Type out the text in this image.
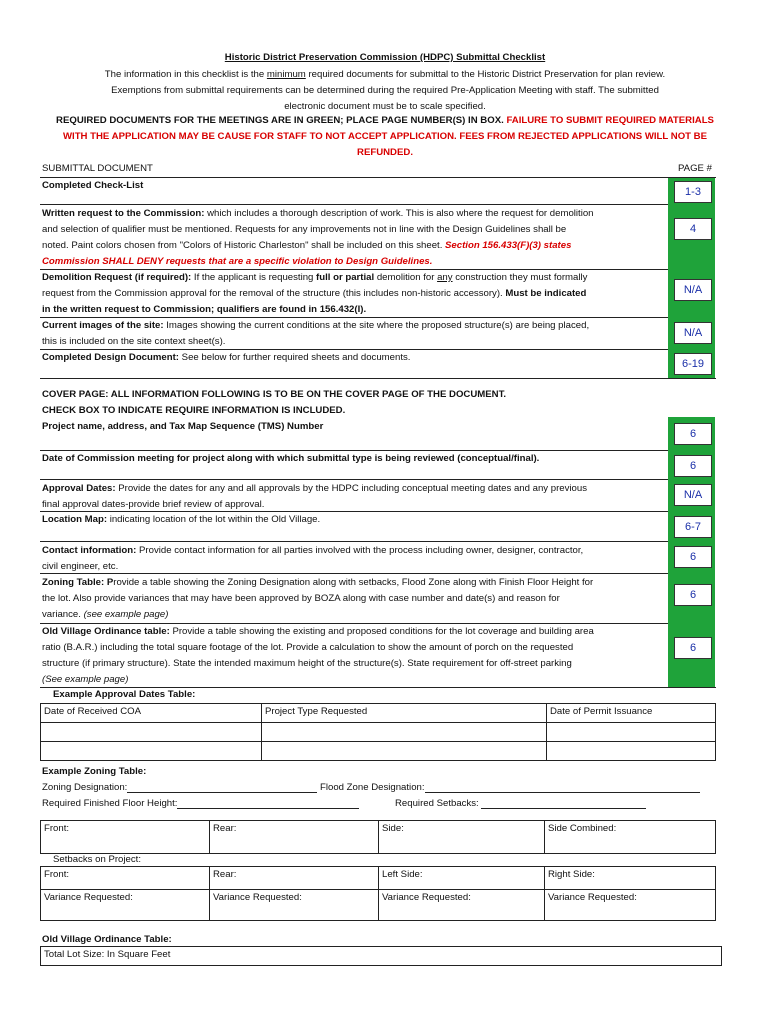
Historic District Preservation Commission (HDPC) Submittal Checklist
The information in this checklist is the minimum required documents for submittal to the Historic District Preservation for plan review.
Exemptions from submittal requirements can be determined during the required Pre-Application Meeting with staff. The submitted
electronic document must be to scale specified.
REQUIRED DOCUMENTS FOR THE MEETINGS ARE IN GREEN; PLACE PAGE NUMBER(S) IN BOX. FAILURE TO SUBMIT REQUIRED MATERIALS
WITH THE APPLICATION MAY BE CAUSE FOR STAFF TO NOT ACCEPT APPLICATION. FEES FROM REJECTED APPLICATIONS WILL NOT BE
REFUNDED.
SUBMITTAL DOCUMENT	PAGE #
Completed Check-List
1-3
Written request to the Commission: which includes a thorough description of work. This is also where the request for demolition
and selection of qualifier must be mentioned. Requests for any improvements not in line with the Design Guidelines shall be
noted. Paint colors chosen from "Colors of Historic Charleston" shall be included on this sheet. Section 156.433(F)(3) states
Commission SHALL DENY requests that are a specific violation to Design Guidelines.
4
Demolition Request (if required): If the applicant is requesting full or partial demolition for any construction they must formally
request from the Commission approval for the removal of the structure (this includes non-historic accessory). Must be indicated
in the written request to Commission; qualifiers are found in 156.432(I).
N/A
Current images of the site: Images showing the current conditions at the site where the proposed structure(s) are being placed,
this is included on the site context sheet(s).
N/A
Completed Design Document: See below for further required sheets and documents.
6-19
COVER PAGE: ALL INFORMATION FOLLOWING IS TO BE ON THE COVER PAGE OF THE DOCUMENT.
CHECK BOX TO INDICATE REQUIRE INFORMATION IS INCLUDED.
Project name, address, and Tax Map Sequence (TMS) Number
6
Date of Commission meeting for project along with which submittal type is being reviewed (conceptual/final).
6
Approval Dates: Provide the dates for any and all approvals by the HDPC including conceptual meeting dates and any previous
final approval dates-provide brief review of approval.
N/A
Location Map: indicating location of the lot within the Old Village.
6-7
Contact information: Provide contact information for all parties involved with the process including owner, designer, contractor,
civil engineer, etc.
6
Zoning Table: Provide a table showing the Zoning Designation along with setbacks, Flood Zone along with Finish Floor Height for
the lot. Also provide variances that may have been approved by BOZA along with case number and date(s) and reason for
variance. (see example page)
6
Old Village Ordinance table: Provide a table showing the existing and proposed conditions for the lot coverage and building area
ratio (B.A.R.) including the total square footage of the lot. Provide a calculation to show the amount of porch on the requested
structure (if primary structure). State the intended maximum height of the structure(s). State requirement for off-street parking
(See example page)
6
Example Approval Dates Table:
Date of Received COA	Project Type Requested	Date of Permit Issuance

Example Zoning Table:
Zoning Designation:	Flood Zone Designation:
Required Finished Floor Height:	Required Setbacks:
Front:	Rear:	Side:	Side Combined:
Setbacks on Project:
Front:	Rear:	Left Side:	Right Side:
Variance Requested:	Variance Requested:	Variance Requested:	Variance Requested:
Old Village Ordinance Table:
Total Lot Size: In Square Feet
